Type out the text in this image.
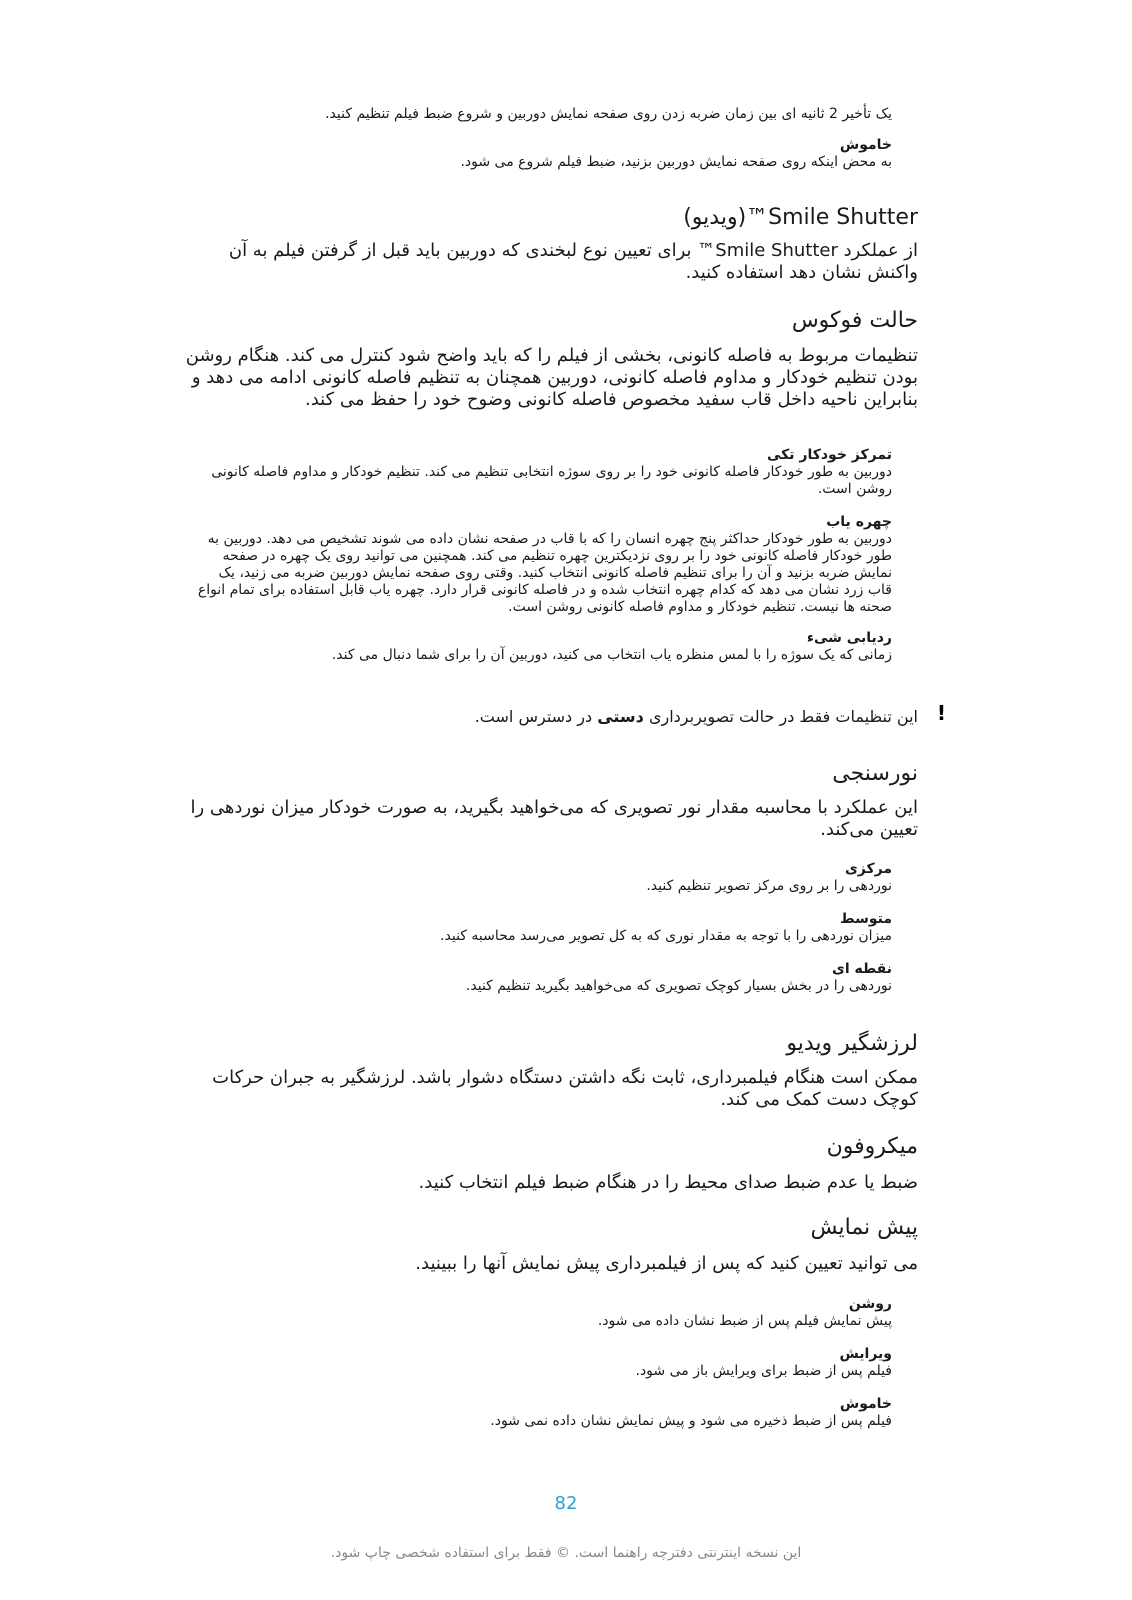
یک تأخیر 2 ثانیه ای بین زمان ضربه زدن روی صفحه نمایش دوربین و شروع ضبط فیلم تنظیم کنید.
خاموش
به محض اینکه روی صفحه نمایش دوربین بزنید، ضبط فیلم شروع می شود.
Smile Shutter™(ویدیو)
از عملکرد Smile Shutter™ برای تعیین نوع لبخندی که دوربین باید قبل از گرفتن فیلم به آن واکنش نشان دهد استفاده کنید.
حالت فوکوس
تنظیمات مربوط به فاصله کانونی، بخشی از فیلم را که باید واضح شود کنترل می کند. هنگام روشن بودن تنظیم خودکار و مداوم فاصله کانونی، دوربین همچنان به تنظیم فاصله کانونی ادامه می دهد و بنابراین ناحیه داخل قاب سفید مخصوص فاصله کانونی وضوح خود را حفظ می کند.
تمرکز خودکار تکی
دوربین به طور خودکار فاصله کانونی خود را بر روی سوژه انتخابی تنظیم می کند. تنظیم خودکار و مداوم فاصله کانونی روشن است.
چهره یاب
دوربین به طور خودکار حداکثر پنج چهره انسان را که با قاب در صفحه نشان داده می شوند تشخیص می دهد. دوربین به طور خودکار فاصله کانونی خود را بر روی نزدیکترین چهره تنظیم می کند. همچنین می توانید روی یک چهره در صفحه نمایش ضربه بزنید و آن را برای تنظیم فاصله کانونی انتخاب کنید. وقتی روی صفحه نمایش دوربین ضربه می زنید، یک قاب زرد نشان می دهد که کدام چهره انتخاب شده و در فاصله کانونی قرار دارد. چهره یاب قابل استفاده برای تمام انواع صحنه ها نیست. تنظیم خودکار و مداوم فاصله کانونی روشن است.
ردیابی شیء
زمانی که یک سوژه را با لمس منظره یاب انتخاب می کنید، دوربین آن را برای شما دنبال می کند.
!
این تنظیمات فقط در حالت تصویربرداری دستی در دسترس است.
نورسنجی
این عملکرد با محاسبه مقدار نور تصویری که می‌خواهید بگیرید، به صورت خودکار میزان نوردهی را تعیین می‌کند.
مرکزی
نوردهی را بر روی مرکز تصویر تنظیم کنید.
متوسط
میزان نوردهی را با توجه به مقدار نوری که به کل تصویر می‌رسد محاسبه کنید.
نقطه ای
نوردهی را در بخش بسیار کوچک تصویری که می‌خواهید بگیرید تنظیم کنید.
لرزشگیر ویدیو
ممکن است هنگام فیلمبرداری، ثابت نگه داشتن دستگاه دشوار باشد. لرزشگیر به جبران حرکات کوچک دست کمک می کند.
میکروفون
ضبط یا عدم ضبط صدای محیط را در هنگام ضبط فیلم انتخاب کنید.
پیش نمایش
می توانید تعیین کنید که پس از فیلمبرداری پیش نمایش آنها را ببینید.
روشن
پیش نمایش فیلم پس از ضبط نشان داده می شود.
ویرایش
فیلم پس از ضبط برای ویرایش باز می شود.
خاموش
فیلم پس از ضبط ذخیره می شود و پیش نمایش نشان داده نمی شود.
82
این نسخه اینترنتی دفترچه راهنما است. © فقط برای استفاده شخصی چاپ شود.
